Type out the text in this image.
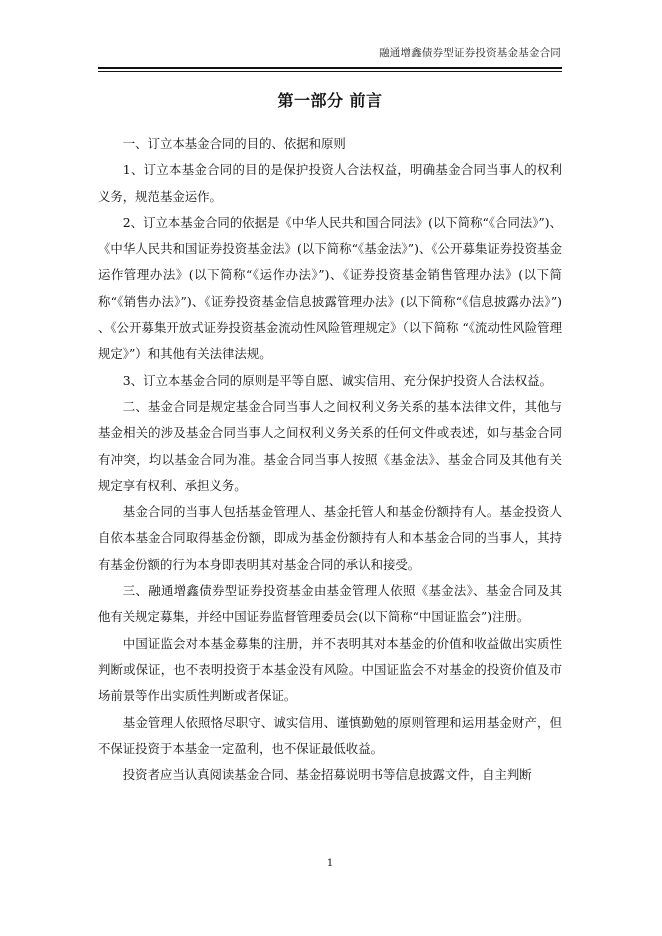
融通增鑫债券型证券投资基金基金合同
第一部分 前言

一、订立本基金合同的目的、依据和原则

1、订立本基金合同的目的是保护投资人合法权益，明确基金合同当事人的权利义务，规范基金运作。

2、订立本基金合同的依据是《中华人民共和国合同法》(以下简称“《合同法》”)、《中华人民共和国证券投资基金法》(以下简称“《基金法》”)、《公开募集证券投资基金运作管理办法》(以下简称“《运作办法》”)、《证券投资基金销售管理办法》(以下简称“《销售办法》”)、《证券投资基金信息披露管理办法》(以下简称“《信息披露办法》”) 、《公开募集开放式证券投资基金流动性风险管理规定》（以下简称 “《流动性风险管理规定》”）和其他有关法律法规。

3、订立本基金合同的原则是平等自愿、诚实信用、充分保护投资人合法权益。

二、基金合同是规定基金合同当事人之间权利义务关系的基本法律文件，其他与基金相关的涉及基金合同当事人之间权利义务关系的任何文件或表述，如与基金合同有冲突，均以基金合同为准。基金合同当事人按照《基金法》、基金合同及其他有关规定享有权利、承担义务。

基金合同的当事人包括基金管理人、基金托管人和基金份额持有人。基金投资人自依本基金合同取得基金份额，即成为基金份额持有人和本基金合同的当事人，其持有基金份额的行为本身即表明其对基金合同的承认和接受。

三、融通增鑫债券型证券投资基金由基金管理人依照《基金法》、基金合同及其他有关规定募集，并经中国证券监督管理委员会(以下简称“中国证监会”)注册。

中国证监会对本基金募集的注册，并不表明其对本基金的价值和收益做出实质性判断或保证，也不表明投资于本基金没有风险。中国证监会不对基金的投资价值及市场前景等作出实质性判断或者保证。

基金管理人依照恪尽职守、诚实信用、谨慎勤勉的原则管理和运用基金财产，但不保证投资于本基金一定盈利，也不保证最低收益。

投资者应当认真阅读基金合同、基金招募说明书等信息披露文件，自主判断

1
